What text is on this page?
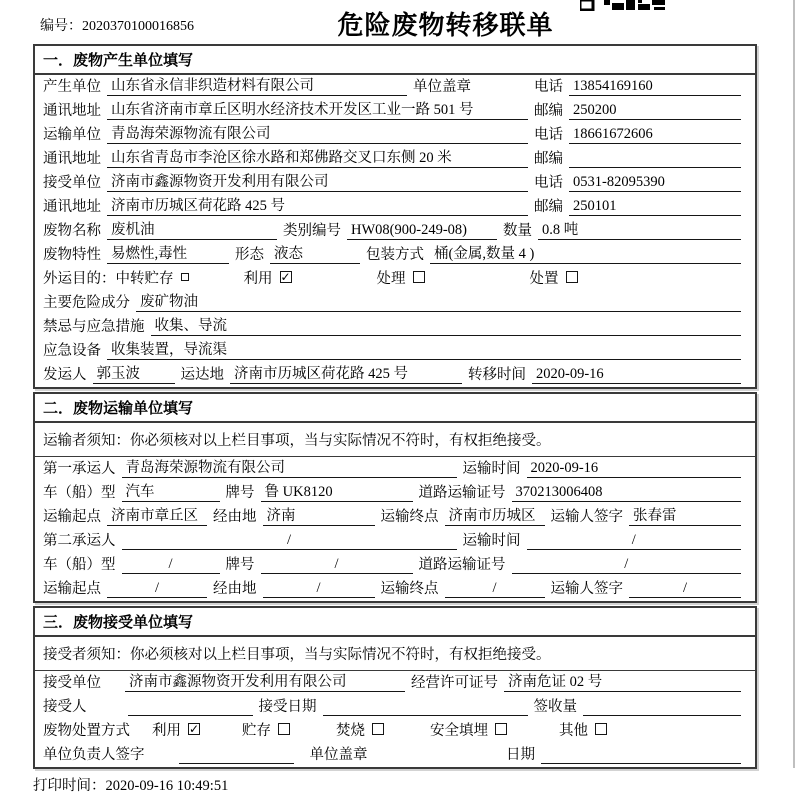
编号：2020370100016856	危险废物转移联单
一．废物产生单位填写
产生单位 山东省永信非织造材料有限公司	单位盖章	电话 13854169160
通讯地址 山东省济南市章丘区明水经济技术开发区工业一路 501 号	邮编 250200
运输单位 青岛海荣源物流有限公司	电话 18661672606
通讯地址 山东省青岛市李沧区徐水路和郑佛路交叉口东侧 20 米	邮编
接受单位 济南市鑫源物资开发利用有限公司	电话 0531-82095390
通讯地址 济南市历城区荷花路 425 号	邮编 250101
废物名称 废机油	类别编号 HW08(900-249-08)	数量 0.8 吨
废物特性 易燃性,毒性	形态 液态	包装方式 桶(金属,数量 4 )
外运目的： 中转贮存	利用 ✓	处理	处置
主要危险成分 废矿物油
禁忌与应急措施 收集、导流
应急设备 收集装置，导流渠
发运人 郭玉波	运达地 济南市历城区荷花路 425 号	转移时间 2020-09-16
二．废物运输单位填写
运输者须知：你必须核对以上栏目事项，当与实际情况不符时，有权拒绝接受。
第一承运人 青岛海荣源物流有限公司	运输时间 2020-09-16
车（船）型 汽车	牌号 鲁 UK8120	道路运输证号 370213006408
运输起点 济南市章丘区	经由地 济南	运输终点 济南市历城区	运输人签字 张春雷
第二承运人	/	运输时间	/
车（船）型	/	牌号	/	道路运输证号	/
运输起点	/	经由地	/	运输终点	/	运输人签字	/
三．废物接受单位填写
接受者须知：你必须核对以上栏目事项，当与实际情况不符时，有权拒绝接受。
接受单位 济南市鑫源物资开发利用有限公司	经营许可证号 济南危证 02 号
接受人	接受日期	签收量
废物处置方式 利用 ✓	贮存	焚烧	安全填埋	其他
单位负责人签字	单位盖章	日期
打印时间：2020-09-16 10:49:51
